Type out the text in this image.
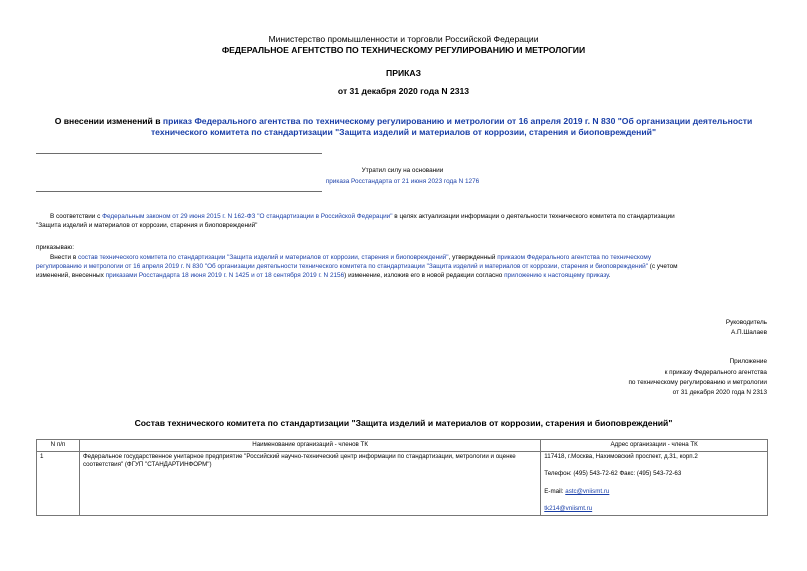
Министерство промышленности и торговли Российской Федерации
ФЕДЕРАЛЬНОЕ АГЕНТСТВО ПО ТЕХНИЧЕСКОМУ РЕГУЛИРОВАНИЮ И МЕТРОЛОГИИ
ПРИКАЗ
от 31 декабря 2020 года N 2313
О внесении изменений в приказ Федерального агентства по техническому регулированию и метрологии от 16 апреля 2019 г. N 830 "Об организации деятельности
технического комитета по стандартизации "Защита изделий и материалов от коррозии, старения и биоповреждений"
Утратил силу на основании
приказа Росстандарта от 21 июня 2023 года N 1276

В соответствии с Федеральным законом от 29 июня 2015 г. N 162-ФЗ "О стандартизации в Российской Федерации" в целях актуализации информации о деятельности технического комитета по стандартизации

"Защита изделий и материалов от коррозии, старения и биоповреждений"

приказываю:

Внести в состав технического комитета по стандартизации "Защита изделий и материалов от коррозии, старения и биоповреждений", утвержденный приказом Федерального агентства по техническому

регулированию и метрологии от 16 апреля 2019 г. N 830 "Об организации деятельности технического комитета по стандартизации "Защита изделий и материалов от коррозии, старения и биоповреждений" (с учетом

изменений, внесенных приказами Росстандарта 18 июня 2019 г. N 1425 и от 18 сентября 2019 г. N 2156) изменение, изложив его в новой редакции согласно приложению к настоящему приказу.

Руководитель
А.П.Шалаев
Приложение
к приказу Федерального агентства
по техническому регулированию и метрологии
от 31 декабря 2020 года N 2313
Состав технического комитета по стандартизации "Защита изделий и материалов от коррозии, старения и биоповреждений"
N п/п	Наименование организаций - членов ТК	Адрес организации - члена ТК
1	Федеральное государственное унитарное предприятие "Российский научно-технический центр информации по стандартизации, метрологии и оценке соответствия" (ФГУП "СТАНДАРТИНФОРМ")	117418, г.Москва, Нахимовский проспект, д.31, корп.2

Телефон: (495) 543-72-62 Факс: (495) 543-72-63

E-mail: astc@vniismt.ru

tk214@vniismt.ru
